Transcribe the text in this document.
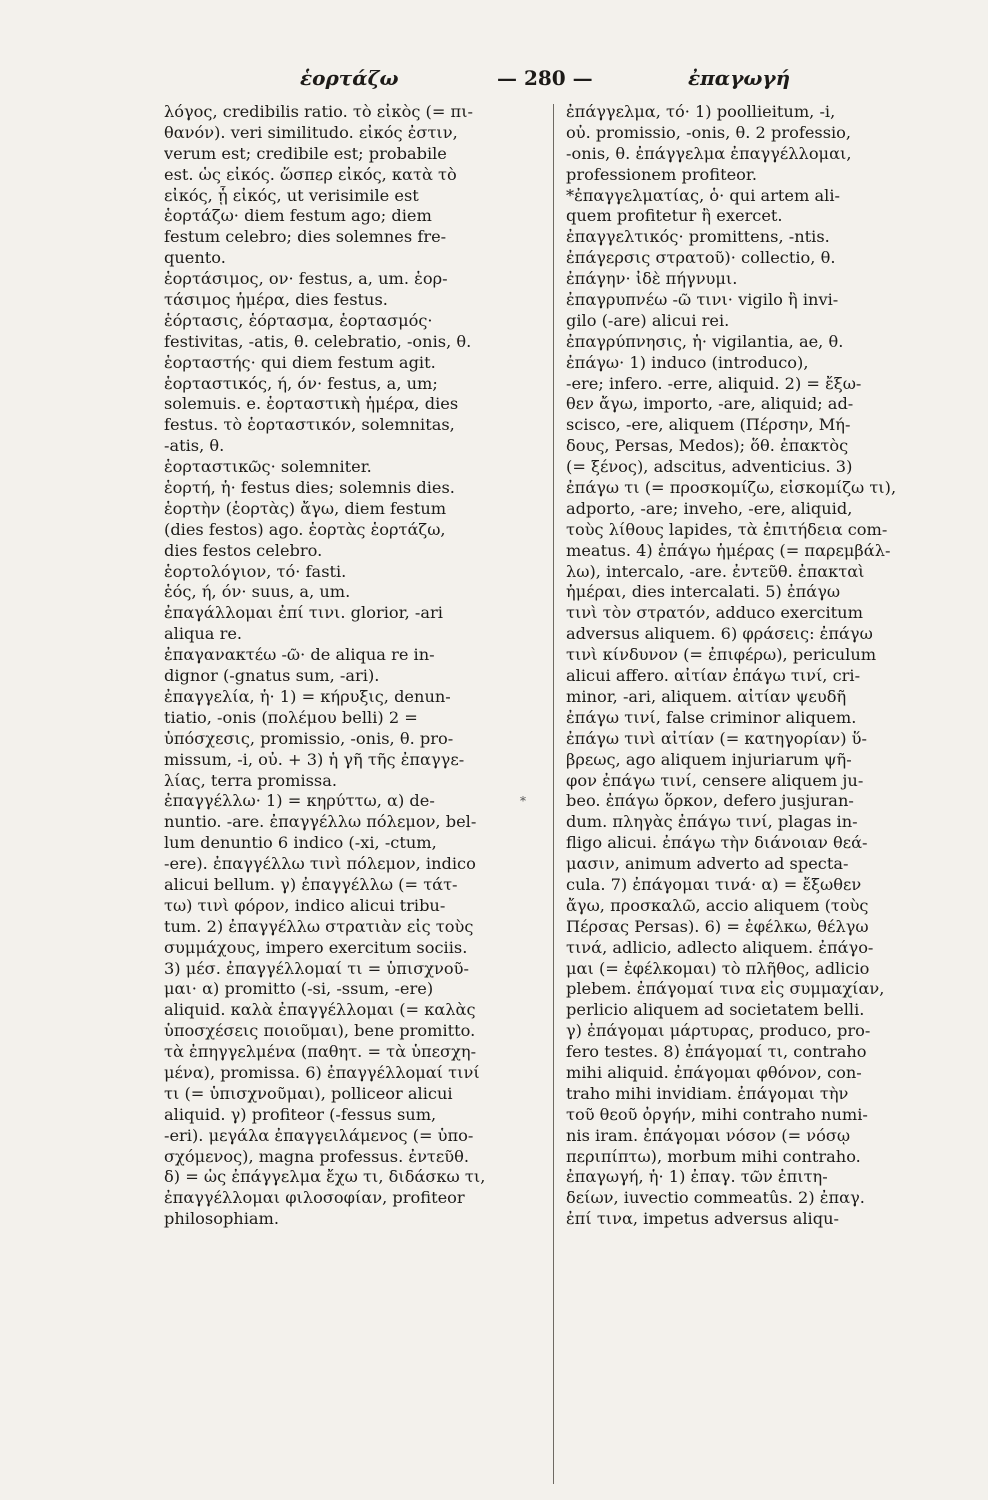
ἑορτάζω	— 280 —	ἐπαγωγή
λόγος, credibilis ratio. τὸ εἰκὸς (= πι-
θανόν). veri similitudo. εἰκός ἐστιν,
verum est; credibile est; probabile
est. ὡς εἰκός. ὥσπερ εἰκός, κατὰ τὸ
εἰκός, ᾗ εἰκός, ut verisimile est
ἑορτάζω· diem festum ago; diem
festum celebro; dies solemnes fre-
quento.
ἑορτάσιμος, ον· festus, a, um. ἑορ-
τάσιμος ἡμέρα, dies festus.
ἑόρτασις, ἑόρτασμα, ἑορτασμός·
festivitas, -atis, θ. celebratio, -onis, θ.
ἑορταστής· qui diem festum agit.
ἑορταστικός, ή, όν· festus, a, um;
solemuis. e. ἑορταστικὴ ἡμέρα, dies
festus. τὸ ἑορταστικόν, solemnitas,
-atis, θ.
ἑορταστικῶς· solemniter.
ἑορτή, ἡ· festus dies; solemnis dies.
ἑορτὴν (ἑορτὰς) ἄγω, diem festum
(dies festos) ago. ἑορτὰς ἑορτάζω,
dies festos celebro.
ἑορτολόγιον, τό· fasti.
ἑός, ή, όν· suus, a, um.
ἐπαγάλλομαι ἐπί τινι. glorior, -ari
aliqua re.
ἐπαγανακτέω -ῶ· de aliqua re in-
dignor (-gnatus sum, -ari).
ἐπαγγελία, ἡ· 1) = κήρυξις, denun-
tiatio, -onis (πολέμου belli) 2 =
ὑπόσχεσις, promissio, -onis, θ. pro-
missum, -i, οὐ. + 3) ἡ γῆ τῆς ἐπαγγε-
λίας, terra promissa.
ἐπαγγέλλω· 1) = κηρύττω, α) de-
nuntio. -are. ἐπαγγέλλω πόλεμον, bel-
lum denuntio 6 indico (-xi, -ctum,
-ere). ἐπαγγέλλω τινὶ πόλεμον, indico
alicui bellum. γ) ἐπαγγέλλω (= τάτ-
τω) τινὶ φόρον, indico alicui tribu-
tum. 2) ἐπαγγέλλω στρατιὰν εἰς τοὺς
συμμάχους, impero exercitum sociis.
3) μέσ. ἐπαγγέλλομαί τι = ὑπισχνοῦ-
μαι· α) promitto (-si, -ssum, -ere)
aliquid. καλὰ ἐπαγγέλλομαι (= καλὰς
ὑποσχέσεις ποιοῦμαι), bene promitto.
τὰ ἐπηγγελμένα (παθητ. = τὰ ὑπεσχη-
μένα), promissa. 6) ἐπαγγέλλομαί τινί
τι (= ὑπισχνοῦμαι), polliceor alicui
aliquid. γ) profiteor (-fessus sum,
-eri). μεγάλα ἐπαγγειλάμενος (= ὑπο-
σχόμενος), magna professus. ἐντεῦθ.
δ) = ὡς ἐπάγγελμα ἔχω τι, διδάσκω τι,
ἐπαγγέλλομαι φιλοσοφίαν, profiteor
philosophiam.
ἐπάγγελμα, τό· 1) poollieitum, -i,
οὐ. promissio, -onis, θ. 2 professio,
-onis, θ. ἐπάγγελμα ἐπαγγέλλομαι,
professionem profiteor.
*ἐπαγγελματίας, ὁ· qui artem ali-
quem profitetur ἢ exercet.
ἐπαγγελτικός· promittens, -ntis.
ἐπάγερσις στρατοῦ)· collectio, θ.
ἐπάγην· ἰδὲ πήγνυμι.
ἐπαγρυπνέω -ῶ τινι· vigilo ἢ invi-
gilo (-are) alicui rei.
ἐπαγρύπνησις, ἡ· vigilantia, ae, θ.
ἐπάγω· 1) induco (introduco),
-ere; infero. -erre, aliquid. 2) = ἔξω-
θεν ἄγω, importo, -are, aliquid; ad-
scisco, -ere, aliquem (Πέρσην, Μή-
δους, Persas, Medos); ὅθ. ἐπακτὸς
(= ξένος), adscitus, adventicius. 3)
ἐπάγω τι (= προσκομίζω, εἰσκομίζω τι),
adporto, -are; inveho, -ere, aliquid,
τοὺς λίθους lapides, τὰ ἐπιτήδεια com-
meatus. 4) ἐπάγω ἡμέρας (= παρεμβάλ-
λω), intercalo, -are. ἐντεῦθ. ἐπακταὶ
ἡμέραι, dies intercalati. 5) ἐπάγω
τινὶ τὸν στρατόν, adduco exercitum
adversus aliquem. 6) φράσεις: ἐπάγω
τινὶ κίνδυνον (= ἐπιφέρω), periculum
alicui affero. αἰτίαν ἐπάγω τινί, cri-
minor, -ari, aliquem. αἰτίαν ψευδῆ
ἐπάγω τινί, false criminor aliquem.
ἐπάγω τινὶ αἰτίαν (= κατηγορίαν) ὕ-
βρεως, ago aliquem injuriarum ψῆ-
φον ἐπάγω τινί, censere aliquem ju-
beo. ἐπάγω ὅρκον, defero jusjuran-
dum. πληγὰς ἐπάγω τινί, plagas in-
fligo alicui. ἐπάγω τὴν διάνοιαν θεά-
μασιν, animum adverto ad specta-
cula. 7) ἐπάγομαι τινά· α) = ἔξωθεν
ἄγω, προσκαλῶ, accio aliquem (τοὺς
Πέρσας Persas). 6) = ἐφέλκω, θέλγω
τινά, adlicio, adlecto aliquem. ἐπάγο-
μαι (= ἐφέλκομαι) τὸ πλῆθος, adlicio
plebem. ἐπάγομαί τινα εἰς συμμαχίαν,
perlicio aliquem ad societatem belli.
γ) ἐπάγομαι μάρτυρας, produco, pro-
fero testes. 8) ἐπάγομαί τι, contraho
mihi aliquid. ἐπάγομαι φθόνον, con-
traho mihi invidiam. ἐπάγομαι τὴν
τοῦ θεοῦ ὀργήν, mihi contraho numi-
nis iram. ἐπάγομαι νόσον (= νόσῳ
περιπίπτω), morbum mihi contraho.
ἐπαγωγή, ἡ· 1) ἐπαγ. τῶν ἐπιτη-
δείων, iuvectio commeatûs. 2) ἐπαγ.
ἐπί τινα, impetus adversus aliqu-
*
